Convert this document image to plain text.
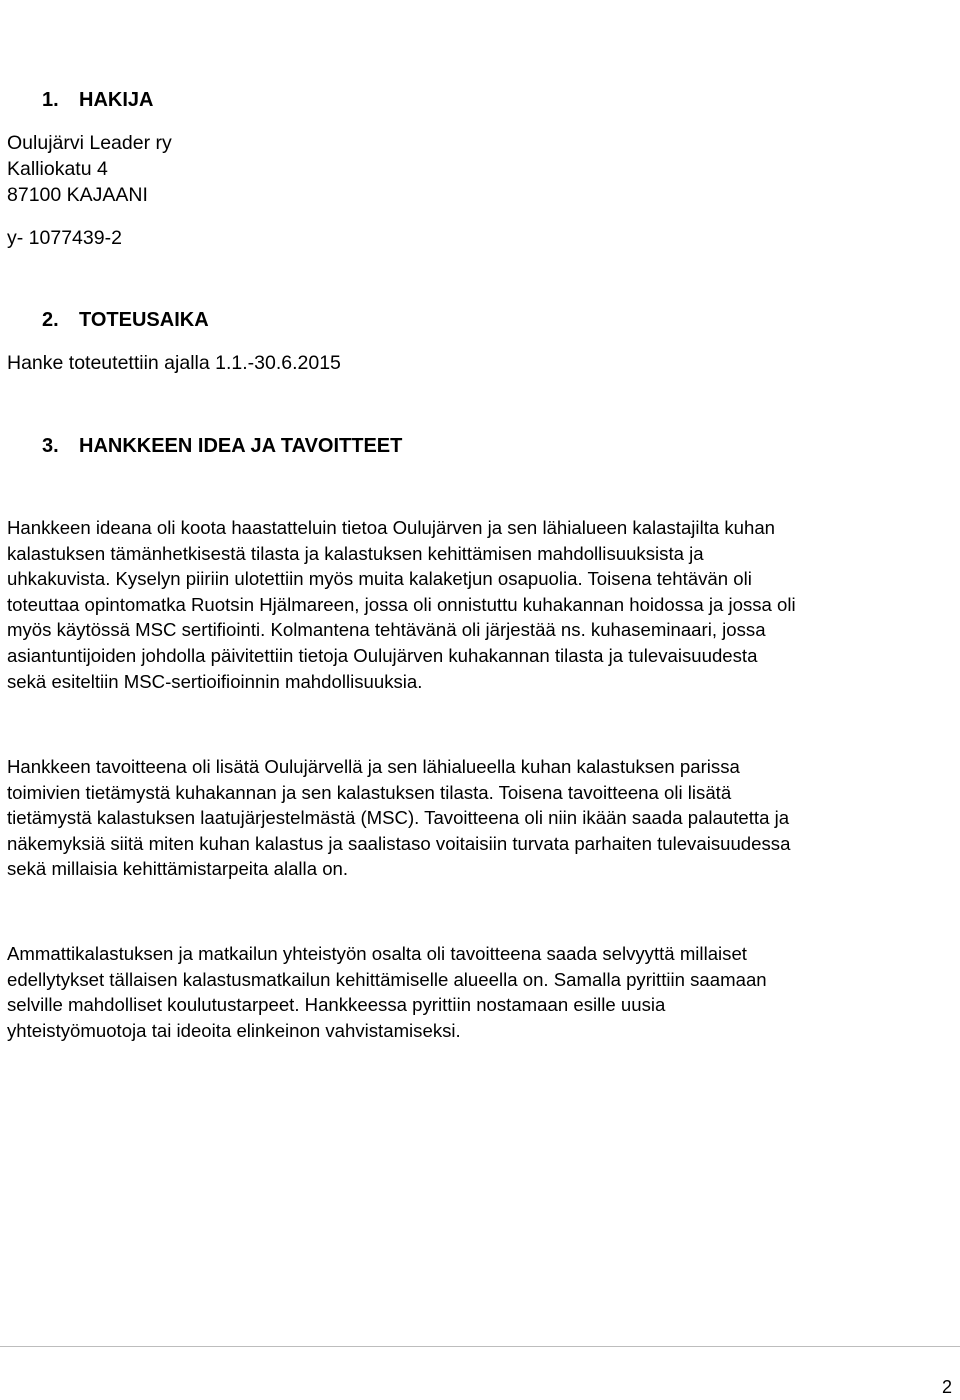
1. HAKIJA
Oulujärvi Leader ry
Kalliokatu 4
87100 KAJAANI
y- 1077439-2
2. TOTEUSAIKA
Hanke toteutettiin ajalla 1.1.-30.6.2015
3. HANKKEEN IDEA JA TAVOITTEET
Hankkeen ideana oli koota haastatteluin tietoa Oulujärven ja sen lähialueen kalastajilta kuhan
kalastuksen tämänhetkisestä tilasta ja kalastuksen kehittämisen mahdollisuuksista ja
uhkakuvista. Kyselyn piiriin ulotettiin myös muita kalaketjun osapuolia. Toisena tehtävän oli
toteuttaa opintomatka Ruotsin Hjälmareen, jossa oli onnistuttu kuhakannan hoidossa ja jossa oli
myös käytössä MSC sertifiointi. Kolmantena tehtävänä oli järjestää ns. kuhaseminaari, jossa
asiantuntijoiden johdolla päivitettiin tietoja Oulujärven kuhakannan tilasta ja tulevaisuudesta
sekä esiteltiin MSC-sertioifioinnin mahdollisuuksia.
Hankkeen tavoitteena oli lisätä Oulujärvellä ja sen lähialueella kuhan kalastuksen parissa
toimivien tietämystä kuhakannan ja sen kalastuksen tilasta. Toisena tavoitteena oli lisätä
tietämystä kalastuksen laatujärjestelmästä (MSC). Tavoitteena oli niin ikään saada palautetta ja
näkemyksiä siitä miten kuhan kalastus ja saalistaso voitaisiin turvata parhaiten tulevaisuudessa
sekä millaisia kehittämistarpeita alalla on.
Ammattikalastuksen ja matkailun yhteistyön osalta oli tavoitteena saada selvyyttä millaiset
edellytykset tällaisen kalastusmatkailun kehittämiselle alueella on. Samalla pyrittiin saamaan
selville mahdolliset koulutustarpeet. Hankkeessa pyrittiin nostamaan esille uusia
yhteistyömuotoja tai ideoita elinkeinon vahvistamiseksi.
2
